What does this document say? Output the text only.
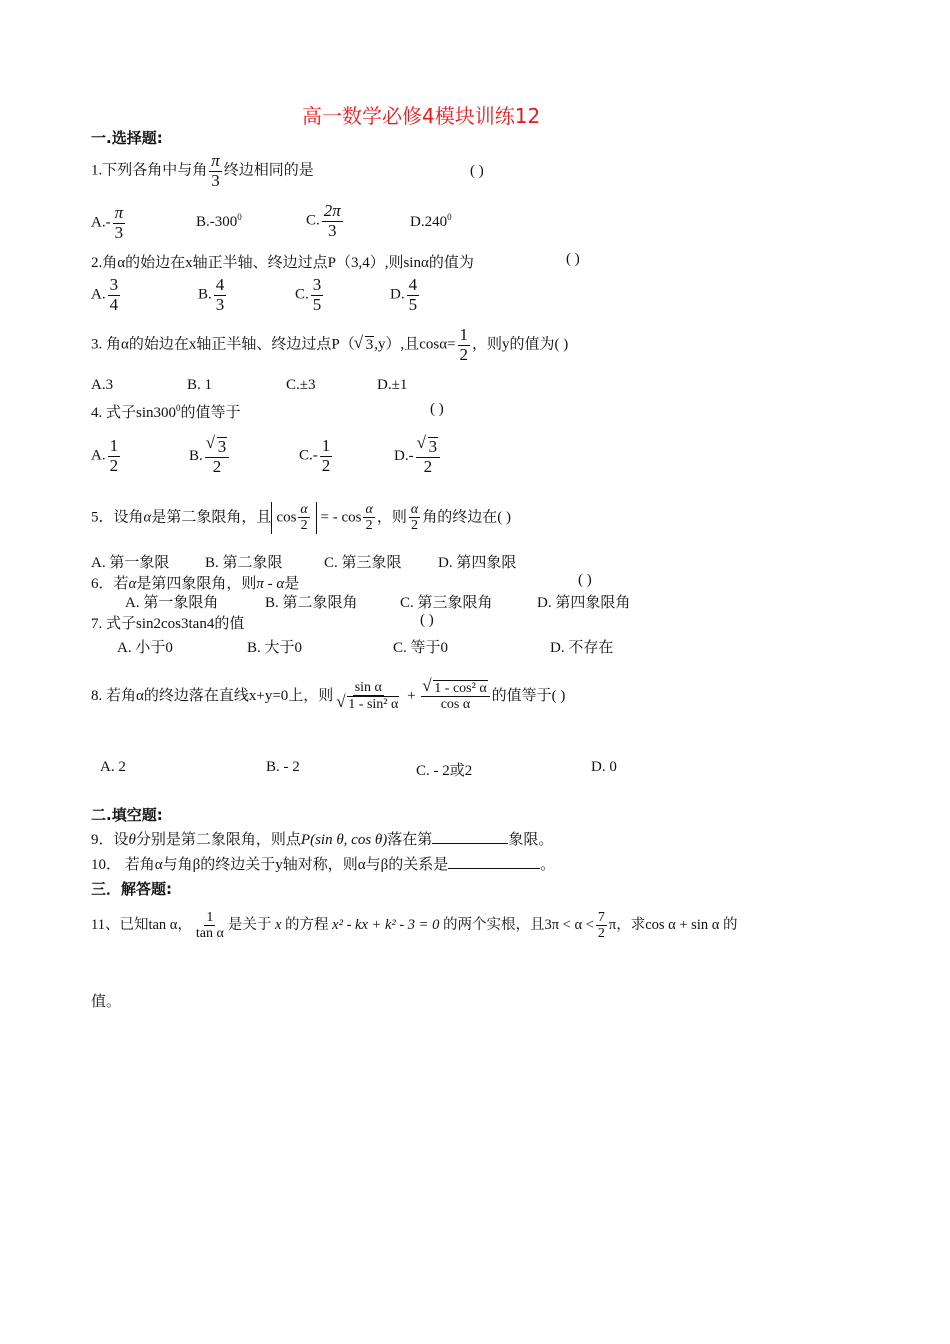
高一数学必修4模块训练12
一.选择题:
1.下列各角中与角 $\frac{\pi}{3}$ 终边相同的是	( )
$A.- \frac{\pi}{3}$	$B.-300^0$	C. $\frac{2\pi}{3}$	D.240$^0$
2.角α的始边在x轴正半轴、终边过点P（3,4）,则sinα的值为	( )
A. $\frac{3}{4}$	B. $\frac{4}{3}$	C. $\frac{3}{5}$	D. $\frac{4}{5}$
3. 角α的始边在x轴正半轴、终边过点P（ √ 3,y）,且$\cos\alpha= \frac{1}{2}$ ，则y的值为( )
A.3	B. 1	C.±3	D.±1
4. 式子$\sin 300^0$的值等于	( )
A. $\frac{1}{2}$	B. √ $\frac{3}{2}$	$C.- \frac{1}{2}$	D.- √ $\frac{3}{2}$
5．设角α是第二象限角，且 $\cos \frac{\alpha}{2}$ = - $\cos \frac{\alpha}{2}$ ，则 $\frac{\alpha}{2}$ 角的终边在( )
A. 第一象限 B. 第二象限	C. 第三象限 D. 第四象限
6．若α是第四象限角，则π - α是	( )
A. 第一象限角	B. 第二象限角	C. 第三象限角	D. 第四象限角
7. 式子sin2cos3tan4的值	( )
A. 小于0	B. 大于0	C. 等于0	D. 不存在
8. 若角α的终边落在直线x+y=0上，则 sin α
√ 1 - sin² α + √ $\frac{\text{1 - cos² α}}{\text{cos α}}$ 的值等于( )
A. 2	B. - 2	C. - 2或2	D. 0
二.填空题:
9．设θ分别是第二象限角，则点P(sin θ, cos θ)落在第	象限。
10． 若角α与角β的终边关于y轴对称，则α与β的关系是	。
三．解答题:
11、已知tan α， $\frac{1}{\text{tan α}}$ 是关于 x 的方程 x² - kx + k² - 3 = 0 的两个实根，且$3\pi < \alpha < \frac{7}{2}$ π，求cos α + sin α 的
值。
